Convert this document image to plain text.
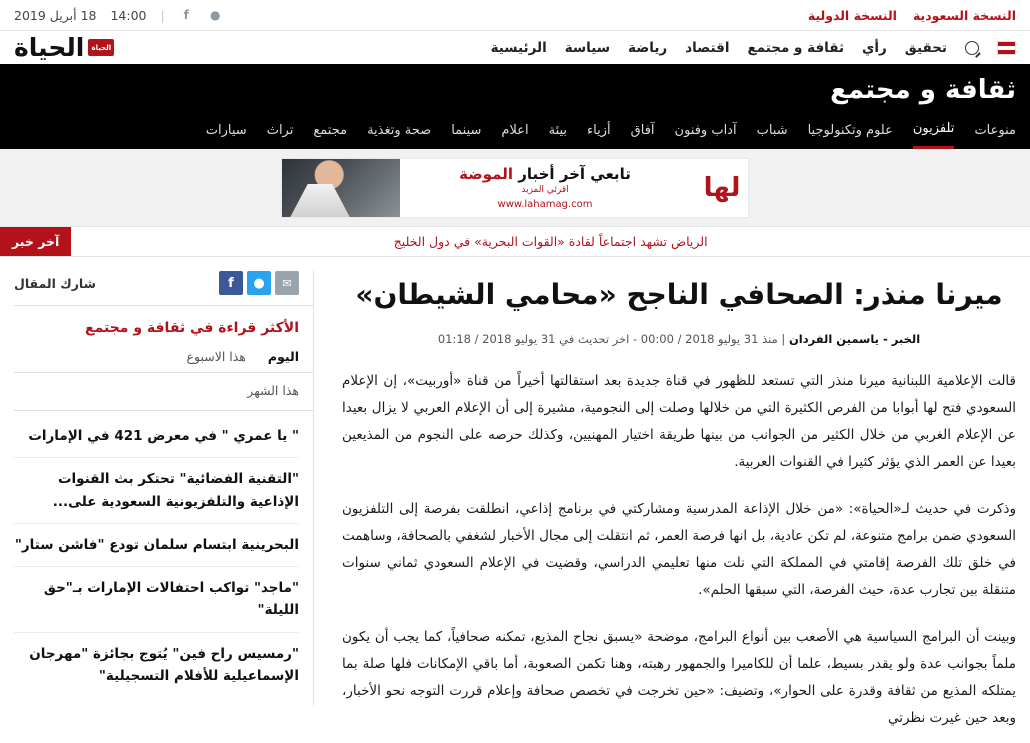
النسخة السعودية
النسخة الدولية
●
f
|
14:00
18 أبريل 2019
تحقيق
رأي
ثقافة و مجتمع
اقتصاد
رياضة
سياسة
الرئيسية
الحياة
الحياة
ثقافة و مجتمع
منوعات
تلفزيون
علوم وتكنولوجيا
شباب
آداب وفنون
آفاق
أزياء
بيئة
اعلام
سينما
صحة وتغذية
مجتمع
تراث
سيارات
لها
تابعي آخر أخبار الموضة
اقرئي المزيد
www.lahamag.com
الرياض تشهد اجتماعاً لقادة «القوات البحرية» في دول الخليج
آخر خبر
ميرنا منذر: الصحافي الناجح «محامي الشيطان»
الخبر - ياسمين الفردان | منذ 31 يوليو 2018 / 00:00 - اخر تحديث في 31 يوليو 2018 / 01:18

قالت الإعلامية اللبنانية ميرنا منذر التي تستعد للظهور في قناة جديدة بعد استقالتها أخيراً من قناة «أوربيت»، إن الإعلام السعودي فتح لها أبوابا من الفرص الكثيرة التي من خلالها وصلت إلى النجومية، مشيرة إلى أن الإعلام العربي لا يزال بعيدا عن الإعلام الغربي من خلال الكثير من الجوانب من بينها طريقة اختيار المهنيين، وكذلك حرصه على النجوم من المذيعين بعيدا عن العمر الذي يؤثر كثيرا في القنوات العربية.

وذكرت في حديث لـ«الحياة»: «من خلال الإذاعة المدرسية ومشاركتي في برنامج إذاعي، انطلقت بفرصة إلى التلفزيون السعودي ضمن برامج متنوعة، لم تكن عادية، بل انها فرصة العمر، ثم انتقلت إلى مجال الأخبار لشغفي بالصحافة، وساهمت في خلق تلك الفرصة إقامتي في المملكة التي نلت منها تعليمي الدراسي، وقضيت في الإعلام السعودي ثماني سنوات متنقلة بين تجارب عدة، حيث الفرصة، التي سبقها الحلم».

وبينت أن البرامج السياسية هي الأصعب بين أنواع البرامج، موضحة «يسبق نجاح المذيع، تمكنه صحافياً، كما يجب أن يكون ملماً بجوانب عدة ولو يقدر بسيط، علما أن للكاميرا والجمهور رهبته، وهنا تكمن الصعوبة، أما باقي الإمكانات فلها صلة بما يمتلكه المذيع من ثقافة وقدرة على الحوار»، وتضيف: «حين تخرجت في تخصص صحافة وإعلام قررت التوجه نحو الأخبار، وبعد حين غيرت نظرتي

✉
●
f
شارك المقال
الأكثر قراءة في ثقافة و مجتمع
اليوم
هذا الاسبوع
هذا الشهر
" يا عمري " في معرض 421 في الإمارات
"التقنية الفضائية" تحتكر بث القنوات الإذاعية والتلفزيونية السعودية على...
البحرينية ابتسام سلمان تودع "فاشن ستار"
"ماجد" تواكب احتفالات الإمارات بـ"حق الليلة"
"رمسيس راح فين" يُتوج بجائزة "مهرجان الإسماعيلية للأفلام التسجيلية"
